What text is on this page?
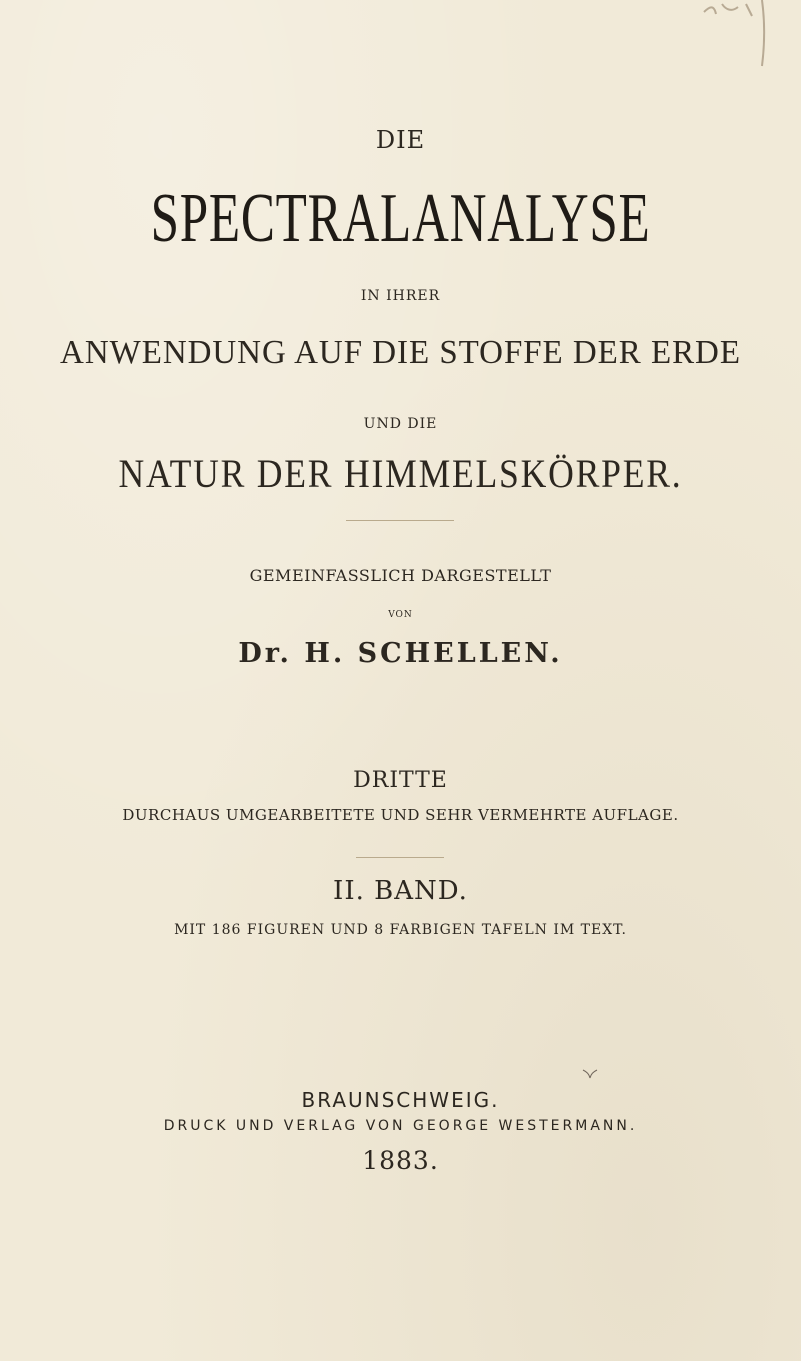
DIE
SPECTRALANALYSE
IN IHRER
ANWENDUNG AUF DIE STOFFE DER ERDE
UND DIE
NATUR DER HIMMELSKÖRPER.
GEMEINFASSLICH DARGESTELLT
VON
Dr. H. SCHELLEN.
DRITTE
DURCHAUS UMGEARBEITETE UND SEHR VERMEHRTE AUFLAGE.
II. BAND.
MIT 186 FIGUREN UND 8 FARBIGEN TAFELN IM TEXT.
BRAUNSCHWEIG.
DRUCK UND VERLAG VON GEORGE WESTERMANN.
1883.
